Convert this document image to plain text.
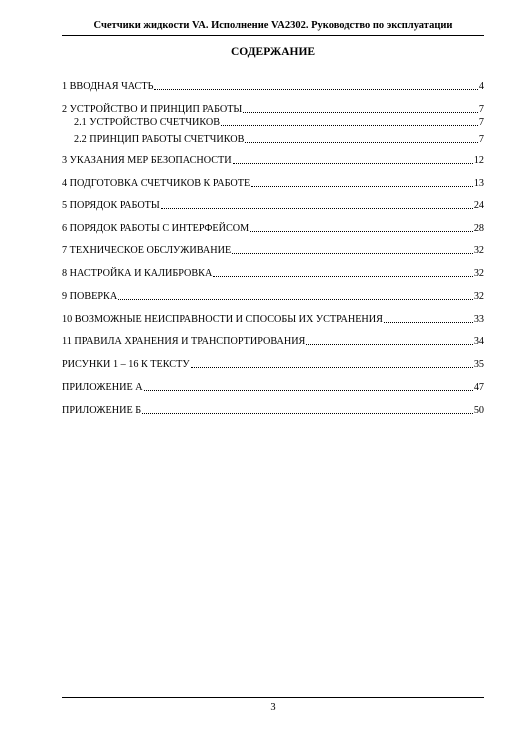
Счетчики жидкости VA. Исполнение VA2302. Руководство по эксплуатации
СОДЕРЖАНИЕ
1 ВВОДНАЯ ЧАСТЬ	4
2 УСТРОЙСТВО И ПРИНЦИП РАБОТЫ	7
2.1 УСТРОЙСТВО СЧЕТЧИКОВ	7
2.2 ПРИНЦИП РАБОТЫ СЧЕТЧИКОВ	7
3 УКАЗАНИЯ МЕР БЕЗОПАСНОСТИ	12
4 ПОДГОТОВКА СЧЕТЧИКОВ К РАБОТЕ	13
5 ПОРЯДОК РАБОТЫ	24
6 ПОРЯДОК РАБОТЫ С ИНТЕРФЕЙСОМ	28
7 ТЕХНИЧЕСКОЕ ОБСЛУЖИВАНИЕ	32
8 НАСТРОЙКА И КАЛИБРОВКА	32
9 ПОВЕРКА	32
10 ВОЗМОЖНЫЕ НЕИСПРАВНОСТИ И СПОСОБЫ ИХ УСТРАНЕНИЯ	33
11 ПРАВИЛА ХРАНЕНИЯ И ТРАНСПОРТИРОВАНИЯ	34
РИСУНКИ 1 – 16 К ТЕКСТУ	35
ПРИЛОЖЕНИЕ А	47
ПРИЛОЖЕНИЕ Б	50
3
